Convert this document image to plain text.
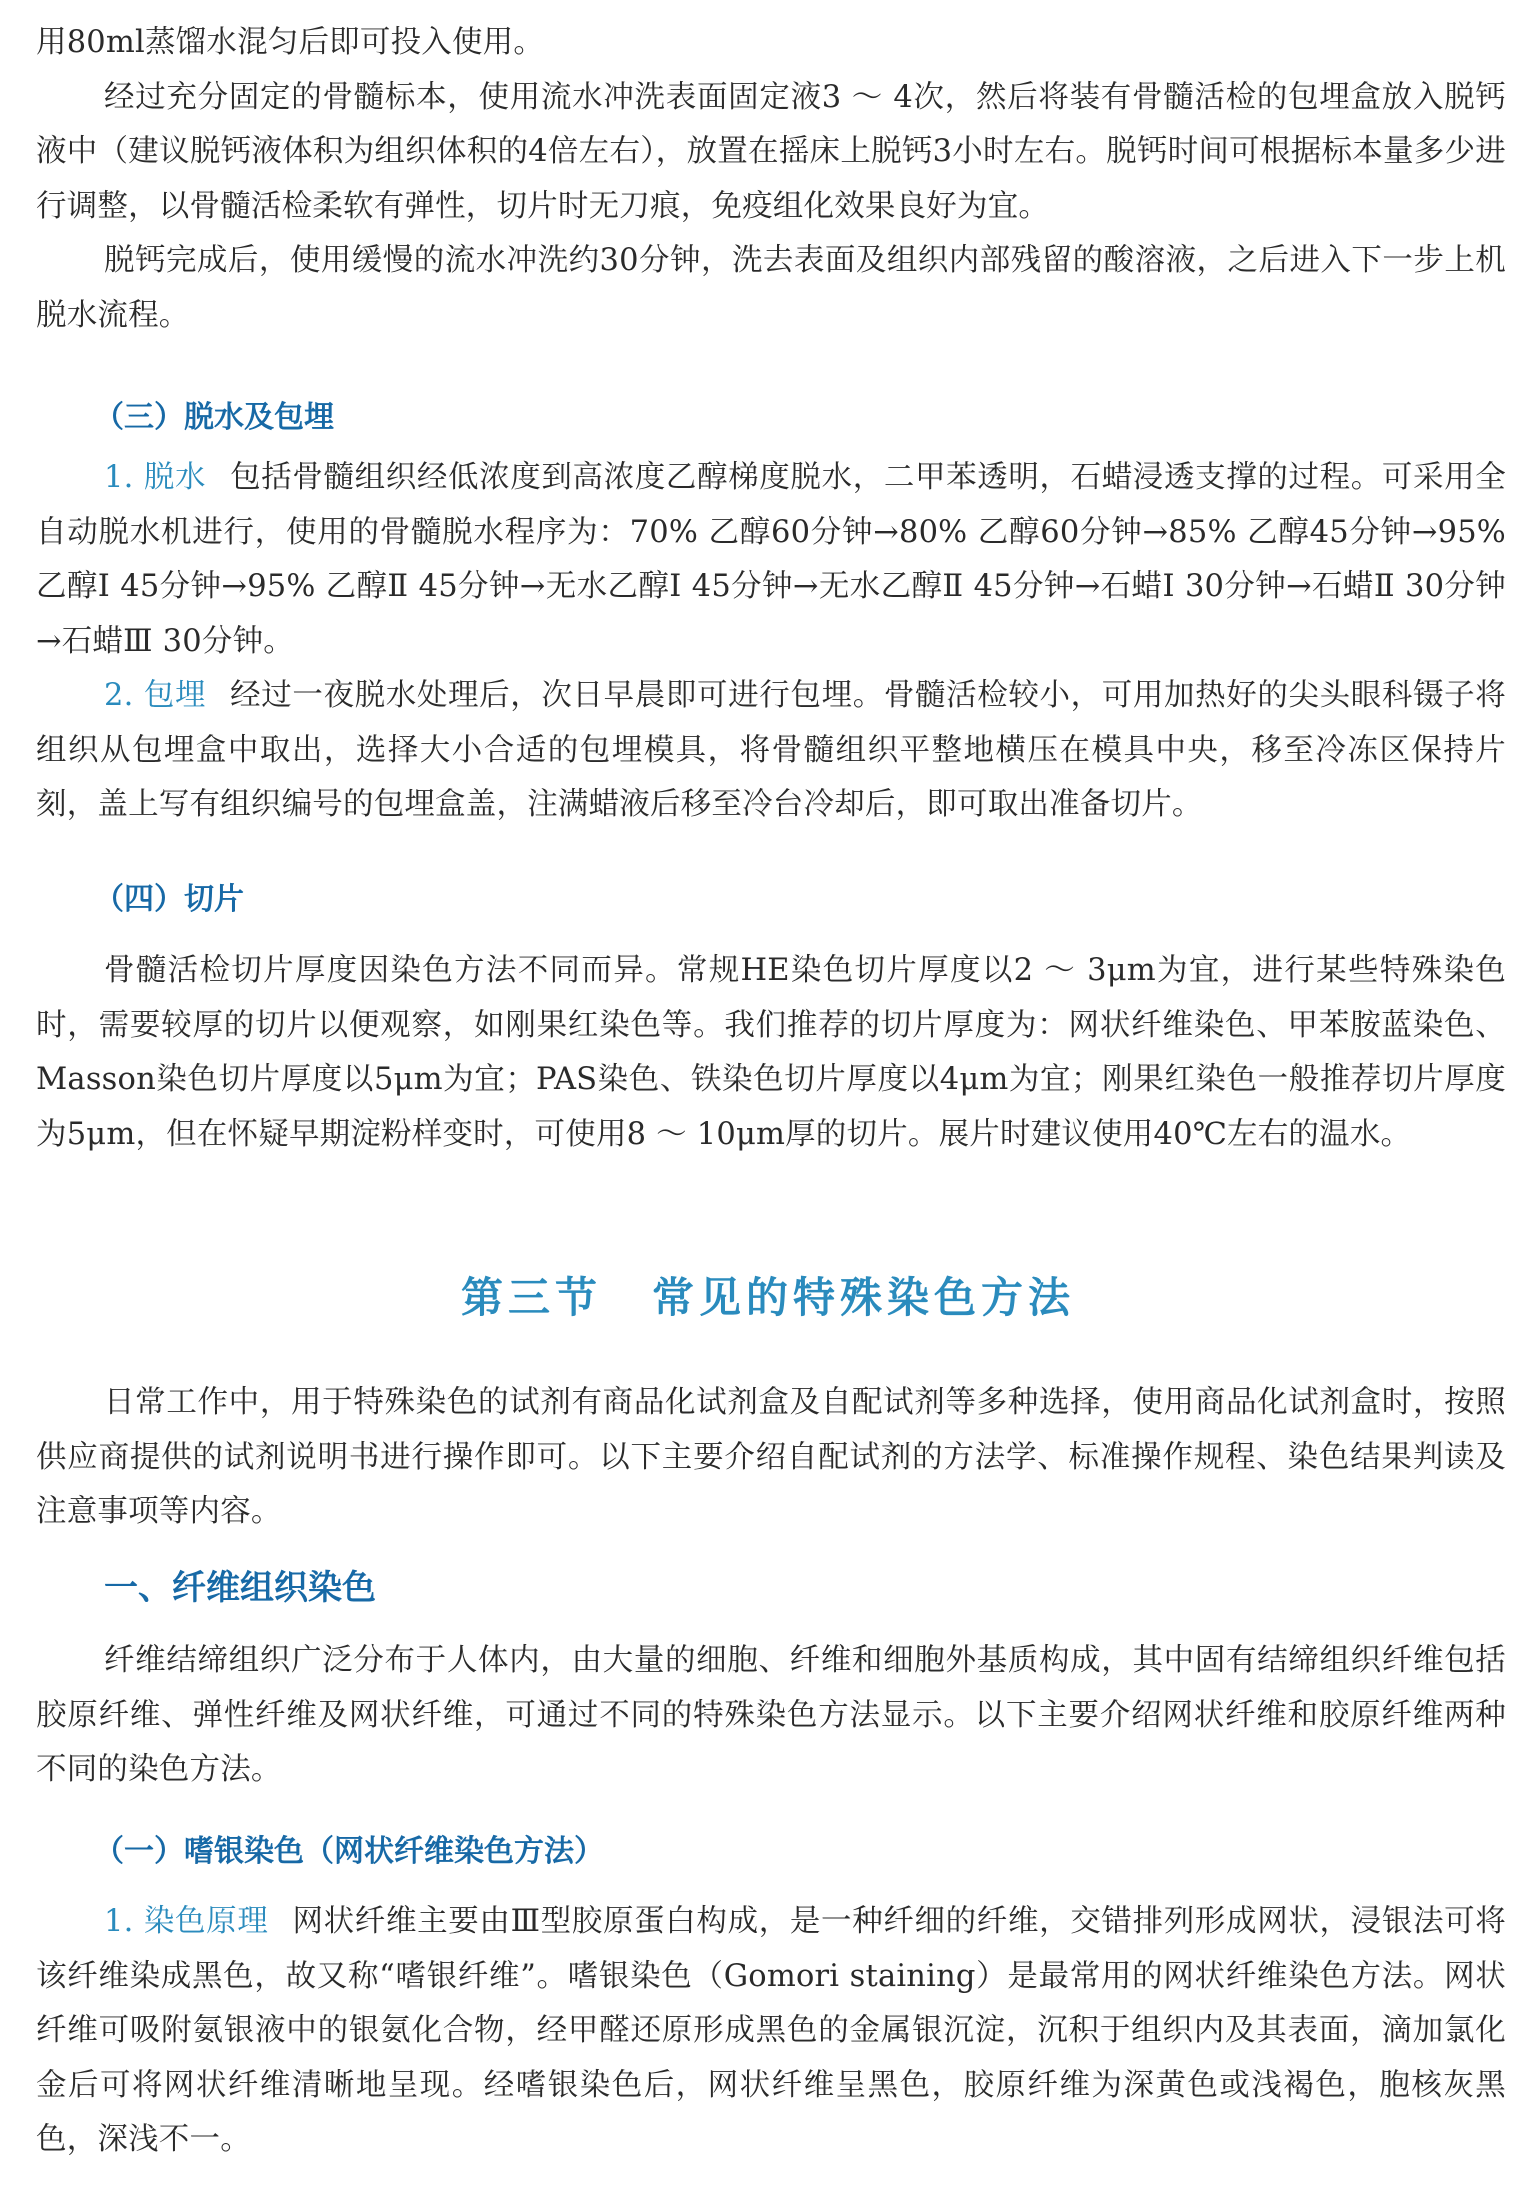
用80ml蒸馏水混匀后即可投入使用。

经过充分固定的骨髓标本，使用流水冲洗表面固定液3 ～ 4次，然后将装有骨髓活检的包埋盒放入脱钙液中（建议脱钙液体积为组织体积的4倍左右），放置在摇床上脱钙3小时左右。脱钙时间可根据标本量多少进行调整，以骨髓活检柔软有弹性，切片时无刀痕，免疫组化效果良好为宜。

脱钙完成后，使用缓慢的流水冲洗约30分钟，洗去表面及组织内部残留的酸溶液，之后进入下一步上机脱水流程。

（三）脱水及包埋

1. 脱水 包括骨髓组织经低浓度到高浓度乙醇梯度脱水，二甲苯透明，石蜡浸透支撑的过程。可采用全自动脱水机进行，使用的骨髓脱水程序为：70% 乙醇60分钟→80% 乙醇60分钟→85% 乙醇45分钟→95% 乙醇Ⅰ 45分钟→95% 乙醇Ⅱ 45分钟→无水乙醇Ⅰ 45分钟→无水乙醇Ⅱ 45分钟→石蜡Ⅰ 30分钟→石蜡Ⅱ 30分钟→石蜡Ⅲ 30分钟。

2. 包埋 经过一夜脱水处理后，次日早晨即可进行包埋。骨髓活检较小，可用加热好的尖头眼科镊子将组织从包埋盒中取出，选择大小合适的包埋模具，将骨髓组织平整地横压在模具中央，移至冷冻区保持片刻，盖上写有组织编号的包埋盒盖，注满蜡液后移至冷台冷却后，即可取出准备切片。

（四）切片

骨髓活检切片厚度因染色方法不同而异。常规HE染色切片厚度以2 ～ 3μm为宜，进行某些特殊染色时，需要较厚的切片以便观察，如刚果红染色等。我们推荐的切片厚度为：网状纤维染色、甲苯胺蓝染色、Masson染色切片厚度以5μm为宜；PAS染色、铁染色切片厚度以4μm为宜；刚果红染色一般推荐切片厚度为5μm，但在怀疑早期淀粉样变时，可使用8 ～ 10μm厚的切片。展片时建议使用40℃左右的温水。

第三节 常见的特殊染色方法

日常工作中，用于特殊染色的试剂有商品化试剂盒及自配试剂等多种选择，使用商品化试剂盒时，按照供应商提供的试剂说明书进行操作即可。以下主要介绍自配试剂的方法学、标准操作规程、染色结果判读及注意事项等内容。

一、纤维组织染色

纤维结缔组织广泛分布于人体内，由大量的细胞、纤维和细胞外基质构成，其中固有结缔组织纤维包括胶原纤维、弹性纤维及网状纤维，可通过不同的特殊染色方法显示。以下主要介绍网状纤维和胶原纤维两种不同的染色方法。

（一）嗜银染色（网状纤维染色方法）

1. 染色原理 网状纤维主要由Ⅲ型胶原蛋白构成，是一种纤细的纤维，交错排列形成网状，浸银法可将该纤维染成黑色，故又称“嗜银纤维”。嗜银染色（Gomori staining）是最常用的网状纤维染色方法。网状纤维可吸附氨银液中的银氨化合物，经甲醛还原形成黑色的金属银沉淀，沉积于组织内及其表面，滴加氯化金后可将网状纤维清晰地呈现。经嗜银染色后，网状纤维呈黑色，胶原纤维为深黄色或浅褐色，胞核灰黑色，深浅不一。
